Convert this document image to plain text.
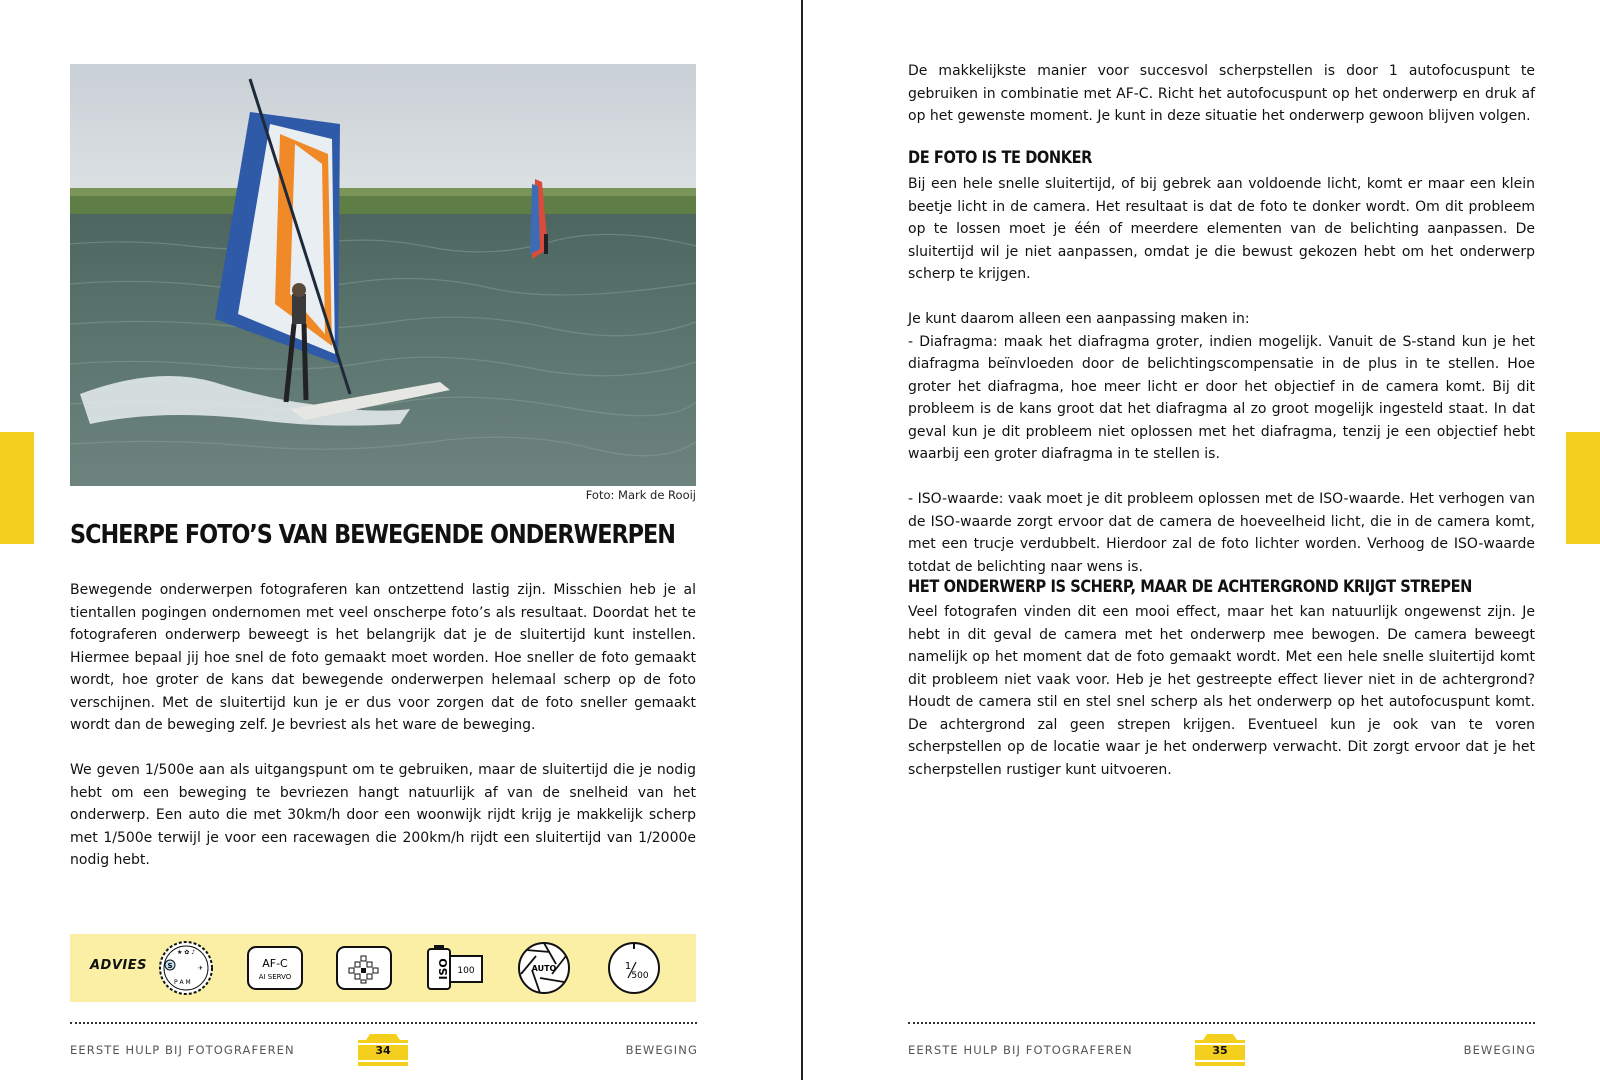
Foto: Mark de Rooij
SCHERPE FOTO’S VAN BEWEGENDE ONDERWERPEN

Bewegende onderwerpen fotograferen kan ontzettend lastig zijn. Misschien heb je al tientallen pogingen ondernomen met veel onscherpe foto’s als resultaat. Doordat het te fotograferen onderwerp beweegt is het belangrijk dat je de sluitertijd kunt instellen. Hiermee bepaal jij hoe snel de foto gemaakt moet worden. Hoe sneller de foto gemaakt wordt, hoe groter de kans dat bewegende onderwerpen helemaal scherp op de foto verschijnen. Met de sluitertijd kun je er dus voor zorgen dat de foto sneller gemaakt wordt dan de beweging zelf. Je bevriest als het ware de beweging.

We geven 1/500e aan als uitgangspunt om te gebruiken, maar de sluitertijd die je nodig hebt om een beweging te bevriezen hangt natuurlijk af van de snelheid van het onderwerp. Een auto die met 30km/h door een woonwijk rijdt krijg je makkelijk scherp met 1/500e terwijl je voor een racewagen die 200km/h rijdt een sluitertijd van 1/2000e nodig hebt.

ADVIES	S
★ ✿ ♪
✈
P A M
AF-C
AI SERVO	ISO 100	AUTO	1
500
EERSTE HULP BIJ FOTOGRAFEREN	34	BEWEGING

De makkelijkste manier voor succesvol scherpstellen is door 1 autofocuspunt te gebruiken in combinatie met AF-C. Richt het autofocuspunt op het onderwerp en druk af op het gewenste moment. Je kunt in deze situatie het onderwerp gewoon blijven volgen.

DE FOTO IS TE DONKER

Bij een hele snelle sluitertijd, of bij gebrek aan voldoende licht, komt er maar een klein beetje licht in de camera. Het resultaat is dat de foto te donker wordt. Om dit probleem op te lossen moet je één of meerdere elementen van de belichting aanpassen. De sluitertijd wil je niet aanpassen, omdat je die bewust gekozen hebt om het onderwerp scherp te krijgen.

Je kunt daarom alleen een aanpassing maken in:

- Diafragma: maak het diafragma groter, indien mogelijk. Vanuit de S-stand kun je het diafragma beïnvloeden door de belichtingscompensatie in de plus in te stellen. Hoe groter het diafragma, hoe meer licht er door het objectief in de camera komt. Bij dit probleem is de kans groot dat het diafragma al zo groot mogelijk ingesteld staat. In dat geval kun je dit probleem niet oplossen met het diafragma, tenzij je een objectief hebt waarbij een groter diafragma in te stellen is.

- ISO-waarde: vaak moet je dit probleem oplossen met de ISO-waarde. Het verhogen van de ISO-waarde zorgt ervoor dat de camera de hoeveelheid licht, die in de camera komt, met een trucje verdubbelt. Hierdoor zal de foto lichter worden. Verhoog de ISO-waarde totdat de belichting naar wens is.

HET ONDERWERP IS SCHERP, MAAR DE ACHTERGROND KRIJGT STREPEN

Veel fotografen vinden dit een mooi effect, maar het kan natuurlijk ongewenst zijn. Je hebt in dit geval de camera met het onderwerp mee bewogen. De camera beweegt namelijk op het moment dat de foto gemaakt wordt. Met een hele snelle sluitertijd komt dit probleem niet vaak voor. Heb je het gestreepte effect liever niet in de achtergrond? Houdt de camera stil en stel snel scherp als het onderwerp op het autofocuspunt komt. De achtergrond zal geen strepen krijgen. Eventueel kun je ook van te voren scherpstellen op de locatie waar je het onderwerp verwacht. Dit zorgt ervoor dat je het scherpstellen rustiger kunt uitvoeren.

EERSTE HULP BIJ FOTOGRAFEREN	35	BEWEGING
